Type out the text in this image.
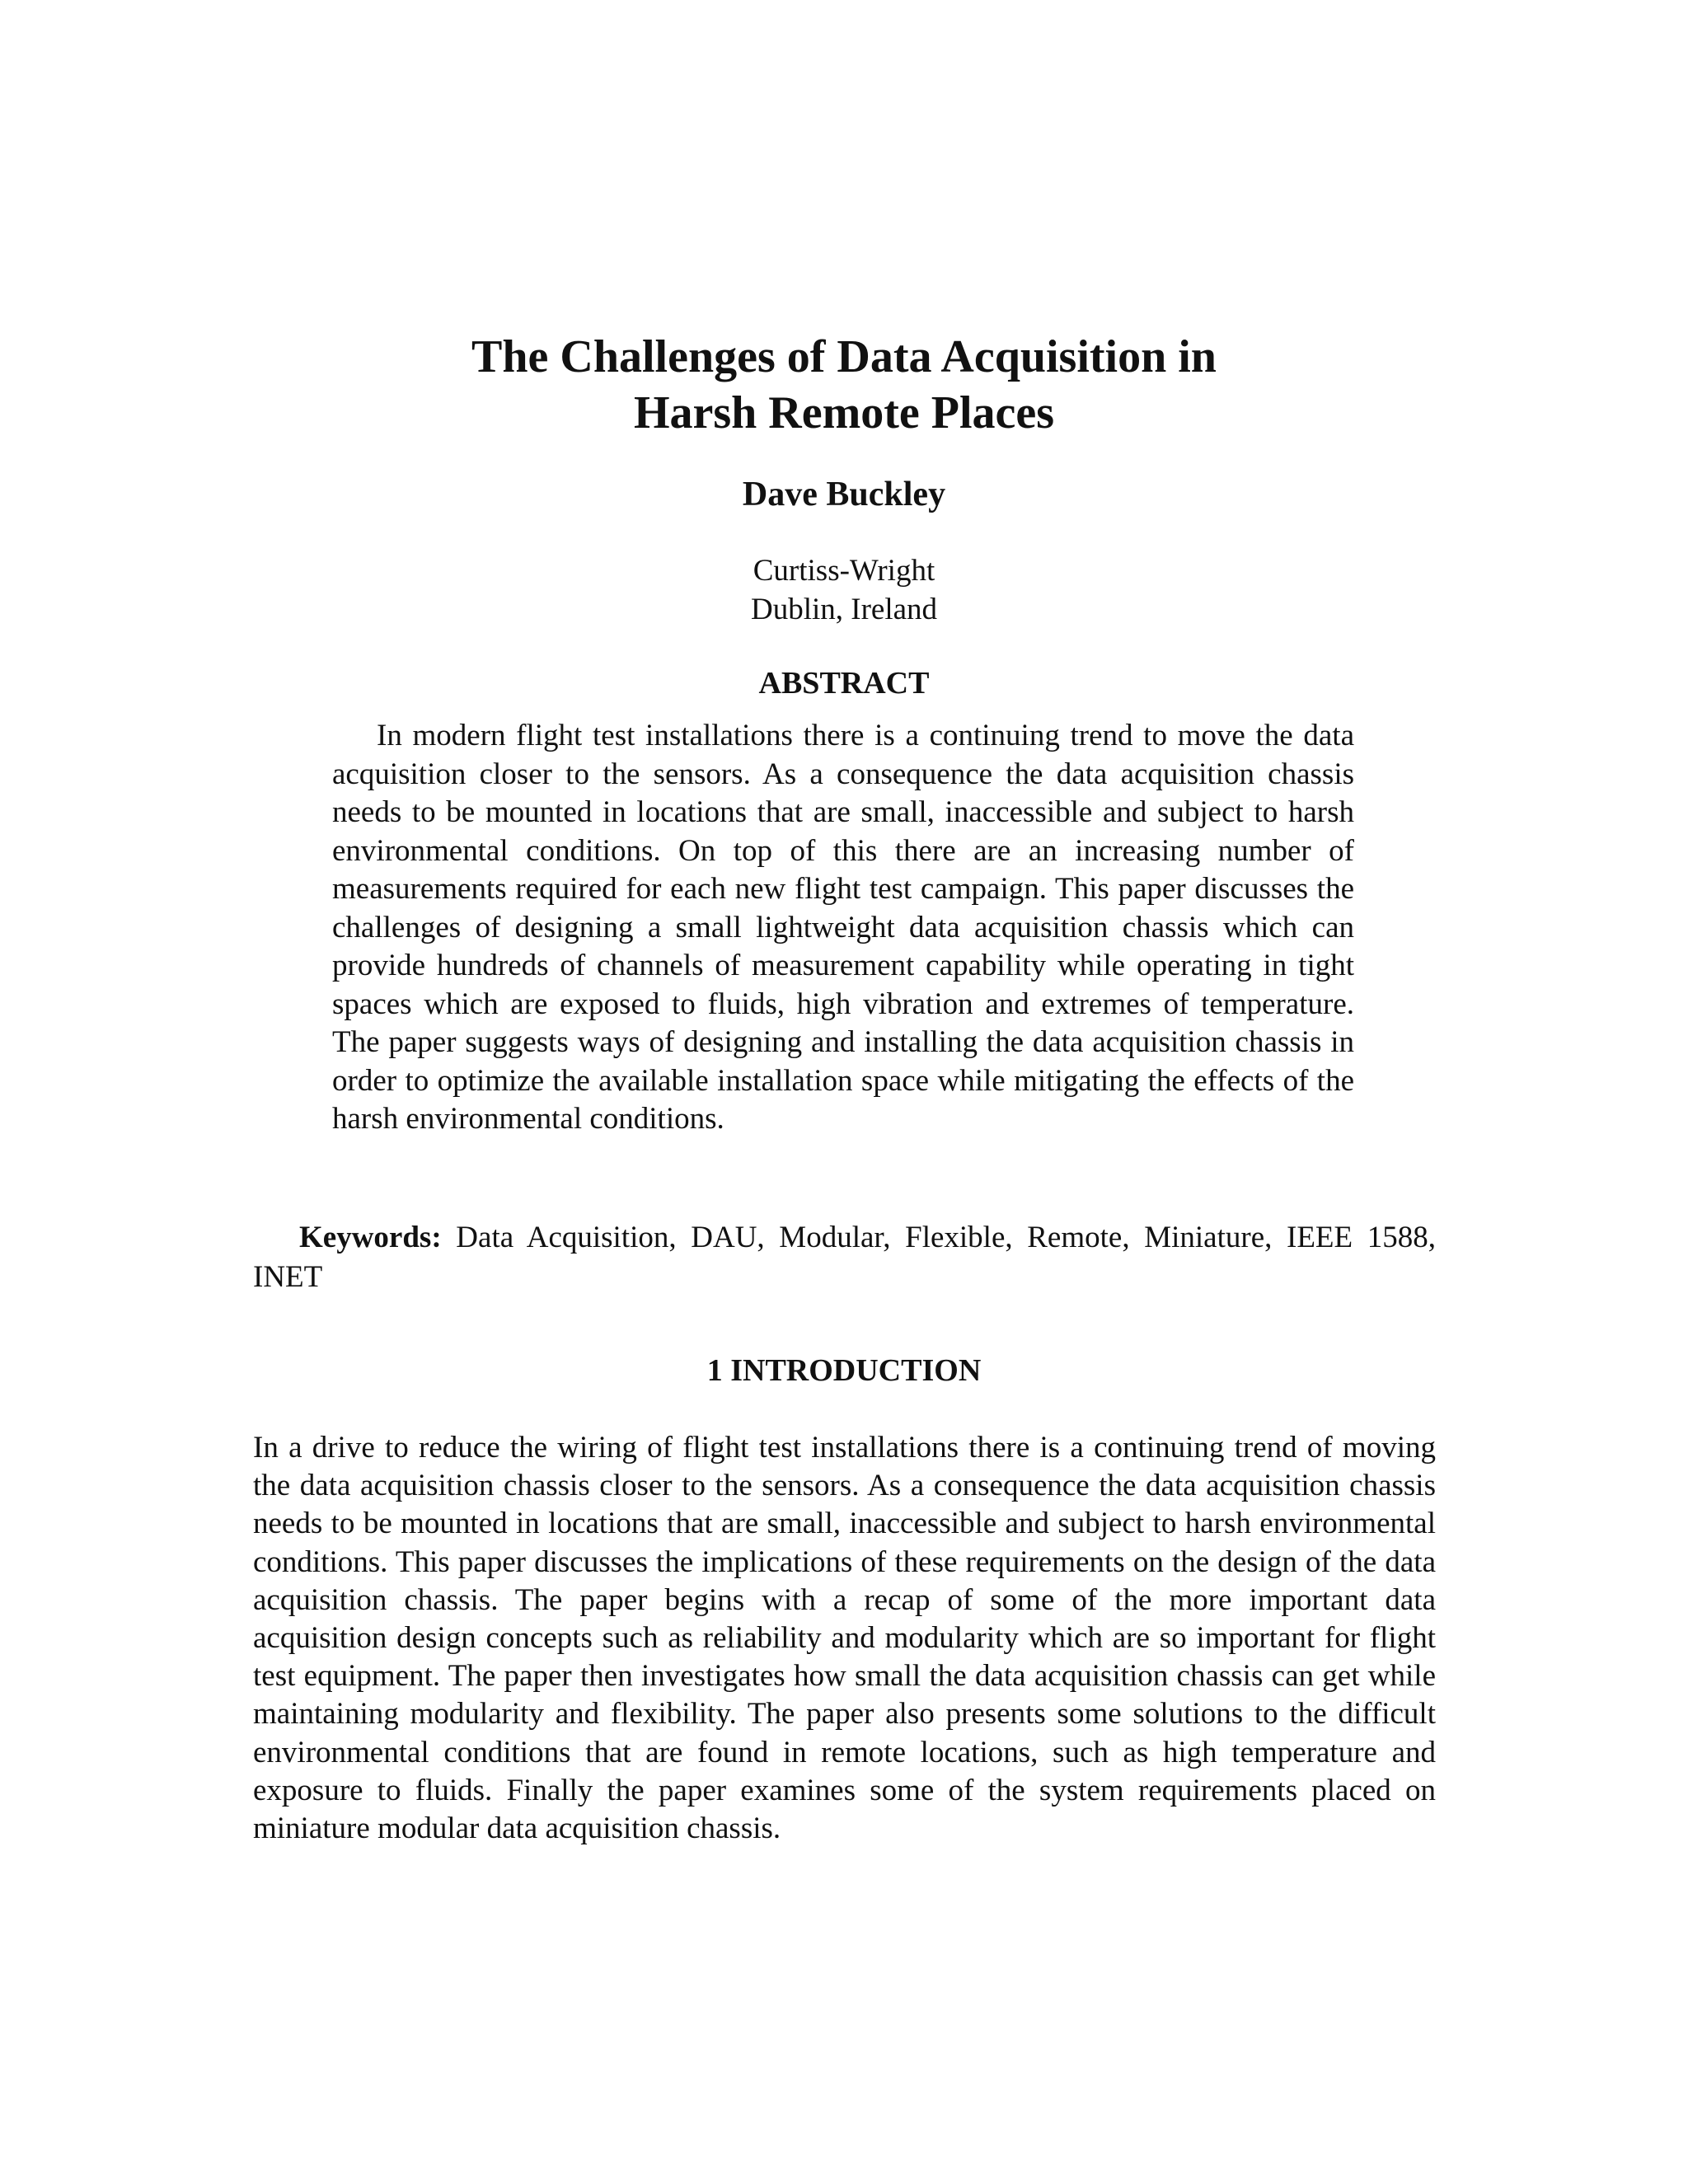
The Challenges of Data Acquisition in
Harsh Remote Places

Dave Buckley

Curtiss-Wright

Dublin, Ireland

ABSTRACT

In modern flight test installations there is a continuing trend to move the data acquisition closer to the sensors. As a consequence the data acquisition chassis needs to be mounted in locations that are small, inaccessible and subject to harsh environmental conditions. On top of this there are an increasing number of measurements required for each new flight test campaign. This paper discusses the challenges of designing a small lightweight data acquisition chassis which can provide hundreds of channels of measurement capability while operating in tight spaces which are exposed to fluids, high vibration and extremes of temperature. The paper suggests ways of designing and installing the data acquisition chassis in order to optimize the available installation space while mitigating the effects of the harsh environmental conditions.

Keywords: Data Acquisition, DAU, Modular, Flexible, Remote, Miniature, IEEE 1588, INET

1 INTRODUCTION

In a drive to reduce the wiring of flight test installations there is a continuing trend of moving the data acquisition chassis closer to the sensors. As a consequence the data acquisition chassis needs to be mounted in locations that are small, inaccessible and subject to harsh environmental conditions. This paper discusses the implications of these requirements on the design of the data acquisition chassis. The paper begins with a recap of some of the more important data acquisition design concepts such as reliability and modularity which are so important for flight test equipment. The paper then investigates how small the data acquisition chassis can get while maintaining modularity and flexibility. The paper also presents some solutions to the difficult environmental conditions that are found in remote locations, such as high temperature and exposure to fluids. Finally the paper examines some of the system requirements placed on miniature modular data acquisition chassis.
